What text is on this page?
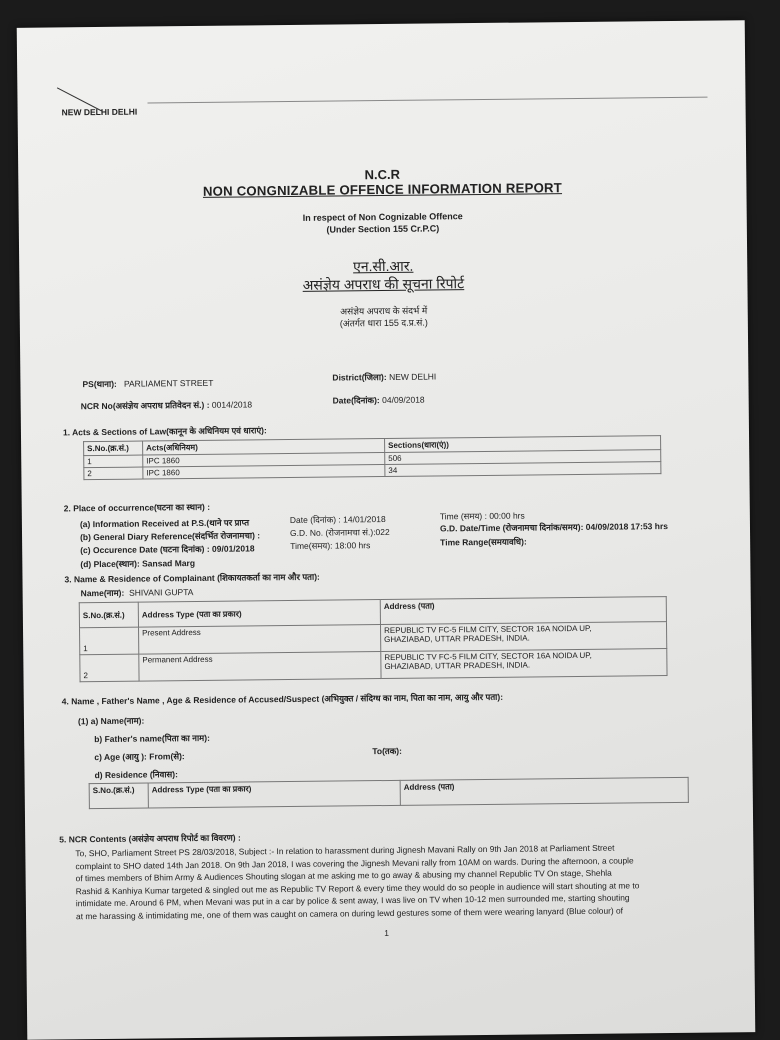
NEW DELHI DELHI
N.C.R
NON CONGNIZABLE OFFENCE INFORMATION REPORT
In respect of Non Cognizable Offence
(Under Section 155 Cr.P.C)
एन.सी.आर.
असंज्ञेय अपराध की सूचना रिपोर्ट
असंज्ञेय अपराध के संदर्भ में
(अंतर्गत धारा 155 द.प्र.सं.)
PS(थाना): PARLIAMENT STREET
District(जिला): NEW DELHI
NCR No(असंज्ञेय अपराध प्रतिवेदन सं.) : 0014/2018	Date(दिनांक): 04/09/2018
1. Acts & Sections of Law(कानून के अधिनियम एवं धाराएं):
S.No.(क्र.सं.)	Acts(अधिनियम)	Sections(धारा(एं))
1	IPC 1860	506
2	IPC 1860	34
2. Place of occurrence(घटना का स्थान) :
(a) Information Received at P.S.(थाने पर प्राप्त	Date (दिनांक) : 14/01/2018	Time (समय) : 00:00 hrs
(b) General Diary Reference(संदर्भित रोजनामचा) :	G.D. No. (रोजनामचा सं.):022	G.D. Date/Time (रोजनामचा दिनांक/समय): 04/09/2018 17:53 hrs
(c) Occurence Date (घटना दिनांक) : 09/01/2018	Time(समय): 18:00 hrs	Time Range(समयावधि):
(d) Place(स्थान): Sansad Marg
3. Name & Residence of Complainant (शिकायतकर्ता का नाम और पता):
Name(नाम): SHIVANI GUPTA
S.No.(क्र.सं.)	Address Type (पता का प्रकार)	Address (पता)
1	Present Address	REPUBLIC TV FC-5 FILM CITY, SECTOR 16A NOIDA UP,
GHAZIABAD, UTTAR PRADESH, INDIA.

2	Permanent Address	REPUBLIC TV FC-5 FILM CITY, SECTOR 16A NOIDA UP,
GHAZIABAD, UTTAR PRADESH, INDIA.
4. Name , Father's Name , Age & Residence of Accused/Suspect (अभियुक्त / संदिग्ध का नाम, पिता का नाम, आयु और पता):
(1) a) Name(नाम):
b) Father's name(पिता का नाम):
c) Age (आयु ): From(से):
To(तक):
d) Residence (निवास):
S.No.(क्र.सं.)	Address Type (पता का प्रकार)	Address (पता)
5. NCR Contents (असंज्ञेय अपराध रिपोर्ट का विवरण) :
To, SHO, Parliament Street PS 28/03/2018, Subject :- In relation to harassment during Jignesh Mavani Rally on 9th Jan 2018 at Parliament Street
complaint to SHO dated 14th Jan 2018. On 9th Jan 2018, I was covering the Jignesh Mevani rally from 10AM on wards. During the afternoon, a couple
of times members of Bhim Army & Audiences Shouting slogan at me asking me to go away & abusing my channel Republic TV On stage, Shehla
Rashid & Kanhiya Kumar targeted & singled out me as Republic TV Report & every time they would do so people in audience will start shouting at me to
intimidate me. Around 6 PM, when Mevani was put in a car by police & sent away, I was live on TV when 10-12 men surrounded me, starting shouting
at me harassing & intimidating me, one of them was caught on camera on during lewd gestures some of them were wearing lanyard (Blue colour) of
1
